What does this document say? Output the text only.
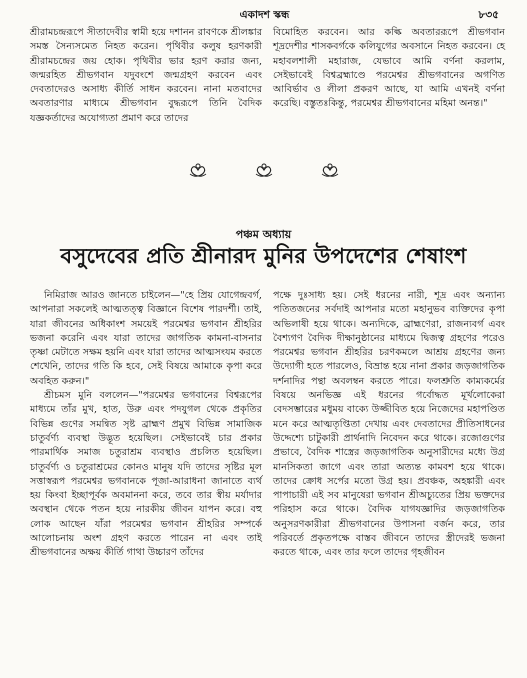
একাদশ স্কন্ধ	৮৩৫

শ্রীরামচন্দ্ররূপে সীতাদেবীর স্বামী হয়ে দশানন রাবণকে শ্রীলঙ্কার সমস্ত সৈন্যসমেত নিহত করেন। পৃথিবীর কলুষ হরণকারী শ্রীরামচন্দ্রের জয় হোক। পৃথিবীর ভার হরণ করার জন্য, জন্মরহিত শ্রীভগবান যদুবংশে জন্মগ্রহণ করবেন এবং দেবতাদেরও অসাধ্য কীর্তি সাধন করবেন। নানা মতবাদের অবতারণার মাধ্যমে শ্রীভগবান বুদ্ধরূপে তিনি বৈদিক যজ্ঞকর্তাদের অযোগ্যতা প্রমাণ করে তাদের

বিমোহিত করবেন। আর কল্কি অবতাররূপে শ্রীভগবান শূদ্রদেশীর শাসকবর্গকে কলিযুগের অবসানে নিহত করবেন। হে মহাবলশালী মহারাজ, যেভাবে আমি বর্ণনা করলাম, সেইভাবেই বিশ্বব্রহ্মাণ্ডে পরমেশ্বর শ্রীভগবানের অগণিত আবির্ভাব ও লীলা প্রকরণ আছে, যা আমি এখনই বর্ণনা করেছি। বস্তুতঃকিন্তু, পরমেশ্বর শ্রীভগবানের মহিমা অনন্ত।"

পঞ্চম অধ্যায়
বসুদেবের প্রতি শ্রীনারদ মুনির উপদেশের শেষাংশ

নিমিরাজ আরও জানতে চাইলেন—"হে প্রিয় যোগেন্দ্রবর্গ, আপনারা সকলেই আত্মতত্ত্ব বিজ্ঞানে বিশেষ পারদর্শী। তাই, যারা জীবনের অধিকাংশ সময়েই পরমেশ্বর ভগবান শ্রীহরির ভজনা করেনি এবং যারা তাদের জাগতিক কামনা-বাসনার তৃষ্ণা মেটাতে সক্ষম হয়নি এবং যারা তাদের আত্মসংযম করতে শেখেনি, তাদের গতি কি হবে, সেই বিষয়ে আমাকে কৃপা করে অবহিত করুন।"

শ্রীচমস মুনি বললেন—"পরমেশ্বর ভগবানের বিশ্বরূপের মাধ্যমে তাঁর মুখ, হাত, উরু এবং পদযুগল থেকে প্রকৃতির বিভিন্ন গুণের সমন্বিত সৃষ্ট ব্রাহ্মণ প্রমুখ বিভিন্ন সামাজিক চাতুর্বর্ণ্য ব্যবস্থা উদ্ভূত হয়েছিল। সেইভাবেই চার প্রকার পারমার্থিক সমাজ চতুরাশ্রম ব্যবস্থাও প্রচলিত হয়েছিল। চাতুর্বর্ণ্য ও চতুরাশ্রমের কোনও মানুষ যদি তাদের সৃষ্টির মূল সত্তাস্বরূপ পরমেশ্বর ভগবানকে পূজা-আরাধনা জানাতে ব্যর্থ হয় কিংবা ইচ্ছাপূর্বক অবমাননা করে, তবে তার স্বীয় মর্যাদার অবস্থান থেকে পতন হয়ে নারকীয় জীবন যাপন করে। বহু লোক আছেন যাঁরা পরমেশ্বর ভগবান শ্রীহরির সম্পর্কে আলোচনায় অংশ গ্রহণ করতে পারেন না এবং তাই শ্রীভগবানের অক্ষয় কীর্তি গাথা উচ্চারণ তাঁদের

পক্ষে দুঃসাধ্য হয়। সেই ধরনের নারী, শূদ্র এবং অন্যান্য পতিতজনের সর্বদাই আপনার মতো মহানুভব ব্যক্তিদের কৃপা অভিলাষী হয়ে থাকে। অন্যদিকে, ব্রাহ্মণেরা, রাজন্যবর্গ এবং বৈশ্যগণ বৈদিক দীক্ষানুষ্ঠানের মাধ্যমে দ্বিজত্ব গ্রহণের পরেও পরমেশ্বর ভগবান শ্রীহরির চরণকমলে আশ্রয় গ্রহণের জন্য উদ্যোগী হতে পারলেও, বিভ্রান্ত হয়ে নানা প্রকার জড়জাগতিক দর্শনাদির পন্থা অবলম্বন করতে পারে। ফলশ্রুতি কাম্যকর্মের বিষয়ে অনভিজ্ঞ এই ধরনের গর্বোদ্ধত মূর্খলোকেরা বেদসম্ভারের মধুময় বাক্যে উজ্জীবিত হয়ে নিজেদের মহাপণ্ডিত মনে করে আত্মতৃপ্তিতা দেখায় এবং দেবতাদের প্রীতিসাধনের উদ্দেশ্যে চাটুকারী প্রার্থনাদি নিবেদন করে থাকে। রজোগুণের প্রভাবে, বৈদিক শাস্ত্রের জড়জাগতিক অনুসারীদের মধ্যে উগ্র মানসিকতা জাগে এবং তারা অত্যন্ত কামবশ হয়ে থাকে। তাদের ক্রোধ সর্পের মতো উগ্র হয়। প্রবঞ্চক, অহঙ্কারী এবং পাপাচারী এই সব মানুষেরা ভগবান শ্রীঅচ্যুতের প্রিয় ভক্তদের পরিহাস করে থাকে। বৈদিক যাগযজ্ঞাদির জড়জাগতিক অনুসরণকারীরা শ্রীভগবানের উপাসনা বর্জন করে, তার পরিবর্তে প্রকৃতপক্ষে বাস্তব জীবনে তাদের স্ত্রীদেরই ভজনা করতে থাকে, এবং তার ফলে তাদের গৃহজীবন
